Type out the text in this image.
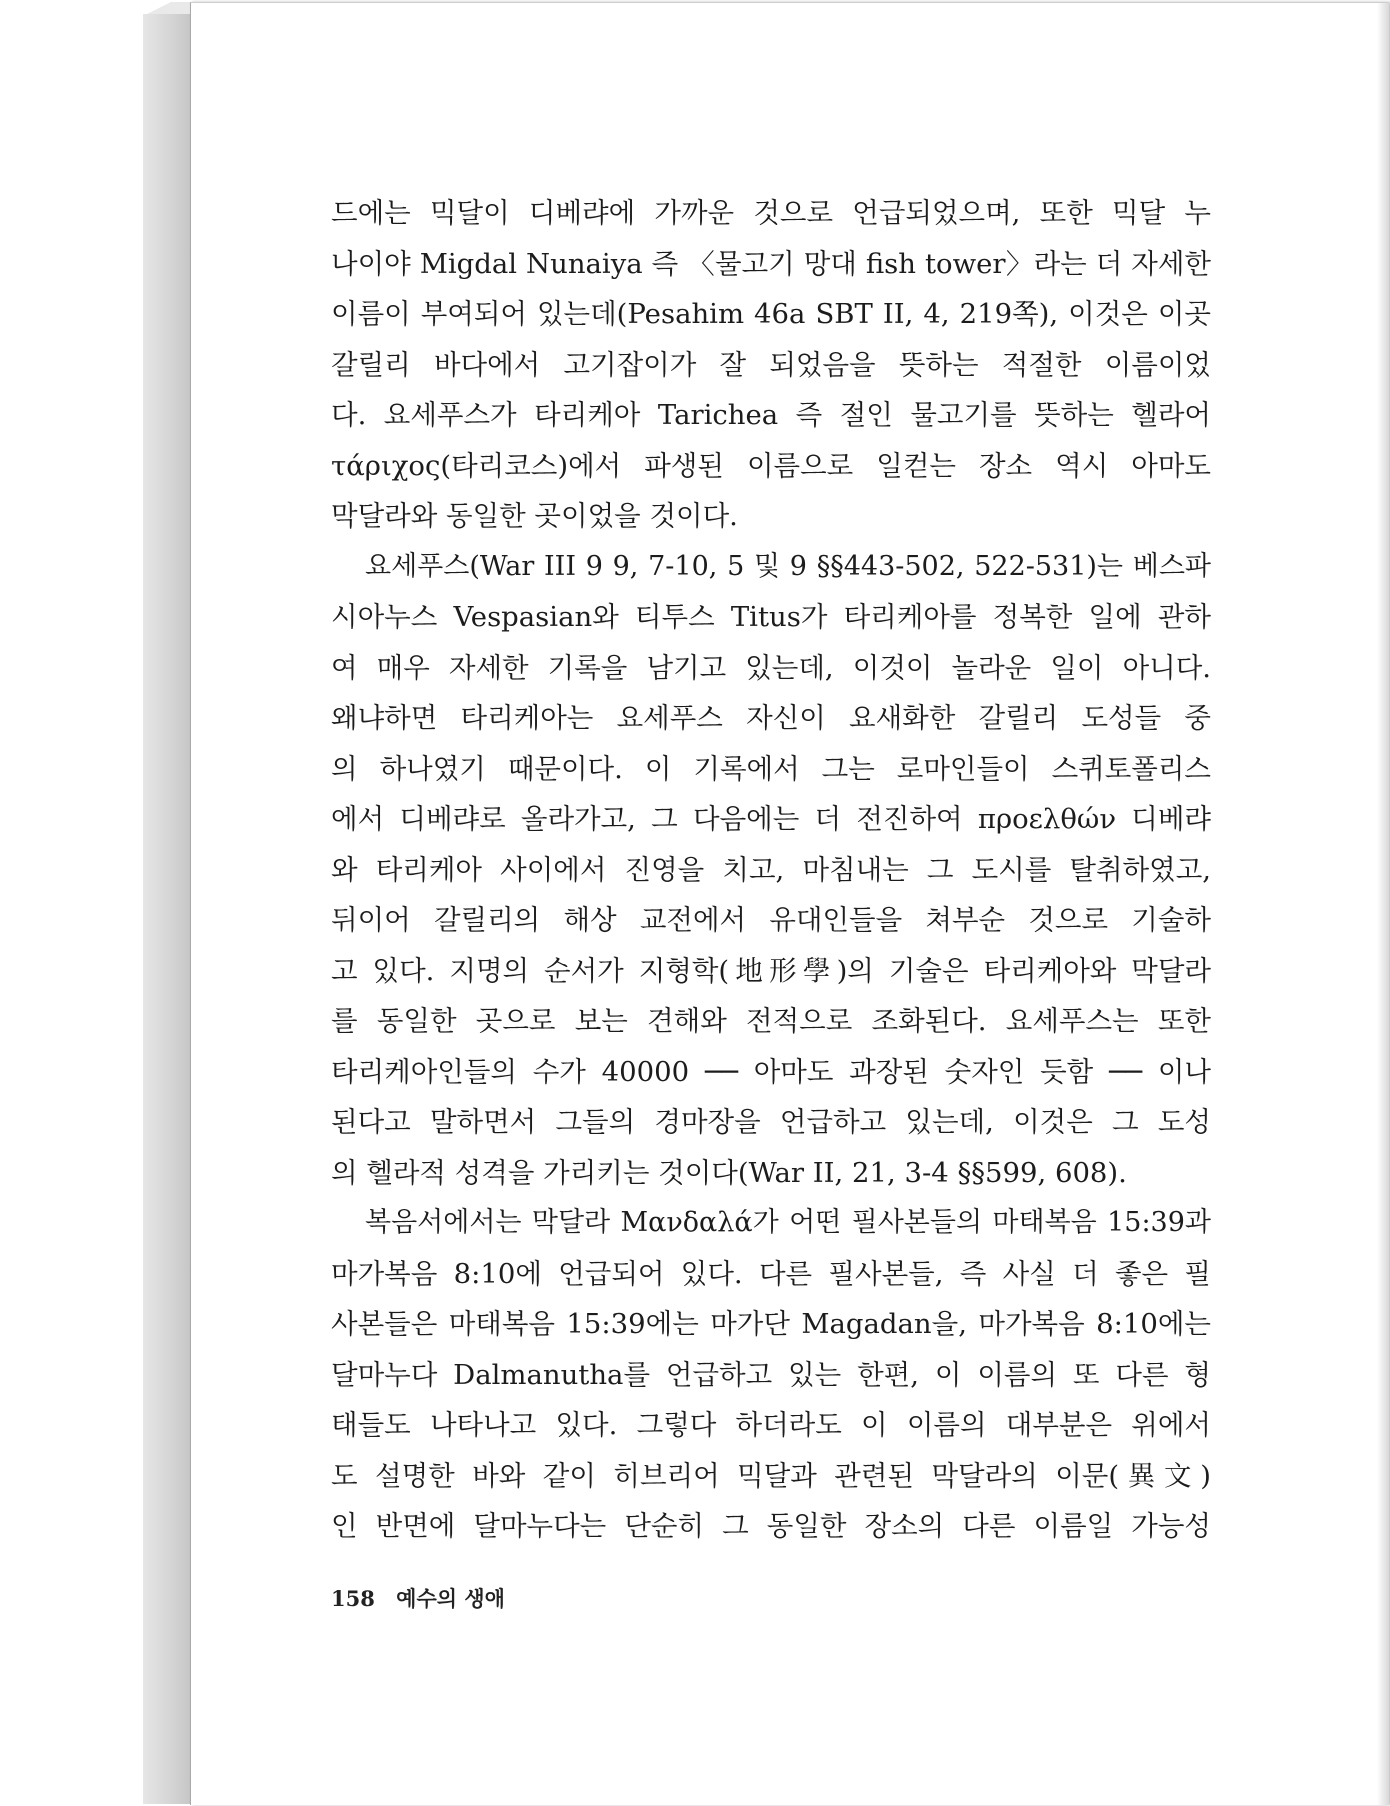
드에는 믹달이 디베랴에 가까운 것으로 언급되었으며, 또한 믹달 누
나이야 Migdal Nunaiya 즉 〈물고기 망대 fish tower〉라는 더 자세한
이름이 부여되어 있는데(Pesahim 46a SBT II, 4, 219쪽), 이것은 이곳
갈릴리 바다에서 고기잡이가 잘 되었음을 뜻하는 적절한 이름이었
다. 요세푸스가 타리케아 Tarichea 즉 절인 물고기를 뜻하는 헬라어
τάριχος(타리코스)에서 파생된 이름으로 일컫는 장소 역시 아마도
막달라와 동일한 곳이었을 것이다.
요세푸스(War III 9 9, 7-10, 5 및 9 §§443-502, 522-531)는 베스파
시아누스 Vespasian와 티투스 Titus가 타리케아를 정복한 일에 관하
여 매우 자세한 기록을 남기고 있는데, 이것이 놀라운 일이 아니다.
왜냐하면 타리케아는 요세푸스 자신이 요새화한 갈릴리 도성들 중
의 하나였기 때문이다. 이 기록에서 그는 로마인들이 스퀴토폴리스
에서 디베랴로 올라가고, 그 다음에는 더 전진하여 προελθών 디베랴
와 타리케아 사이에서 진영을 치고, 마침내는 그 도시를 탈취하였고,
뒤이어 갈릴리의 해상 교전에서 유대인들을 쳐부순 것으로 기술하
고 있다. 지명의 순서가 지형학(地形學)의 기술은 타리케아와 막달라
를 동일한 곳으로 보는 견해와 전적으로 조화된다. 요세푸스는 또한
타리케아인들의 수가 40000 ── 아마도 과장된 숫자인 듯함 ── 이나
된다고 말하면서 그들의 경마장을 언급하고 있는데, 이것은 그 도성
의 헬라적 성격을 가리키는 것이다(War II, 21, 3-4 §§599, 608).
복음서에서는 막달라 Μανδαλά가 어떤 필사본들의 마태복음 15:39과
마가복음 8:10에 언급되어 있다. 다른 필사본들, 즉 사실 더 좋은 필
사본들은 마태복음 15:39에는 마가단 Magadan을, 마가복음 8:10에는
달마누다 Dalmanutha를 언급하고 있는 한편, 이 이름의 또 다른 형
태들도 나타나고 있다. 그렇다 하더라도 이 이름의 대부분은 위에서
도 설명한 바와 같이 히브리어 믹달과 관련된 막달라의 이문(異文)
인 반면에 달마누다는 단순히 그 동일한 장소의 다른 이름일 가능성
158 예수의 생애
